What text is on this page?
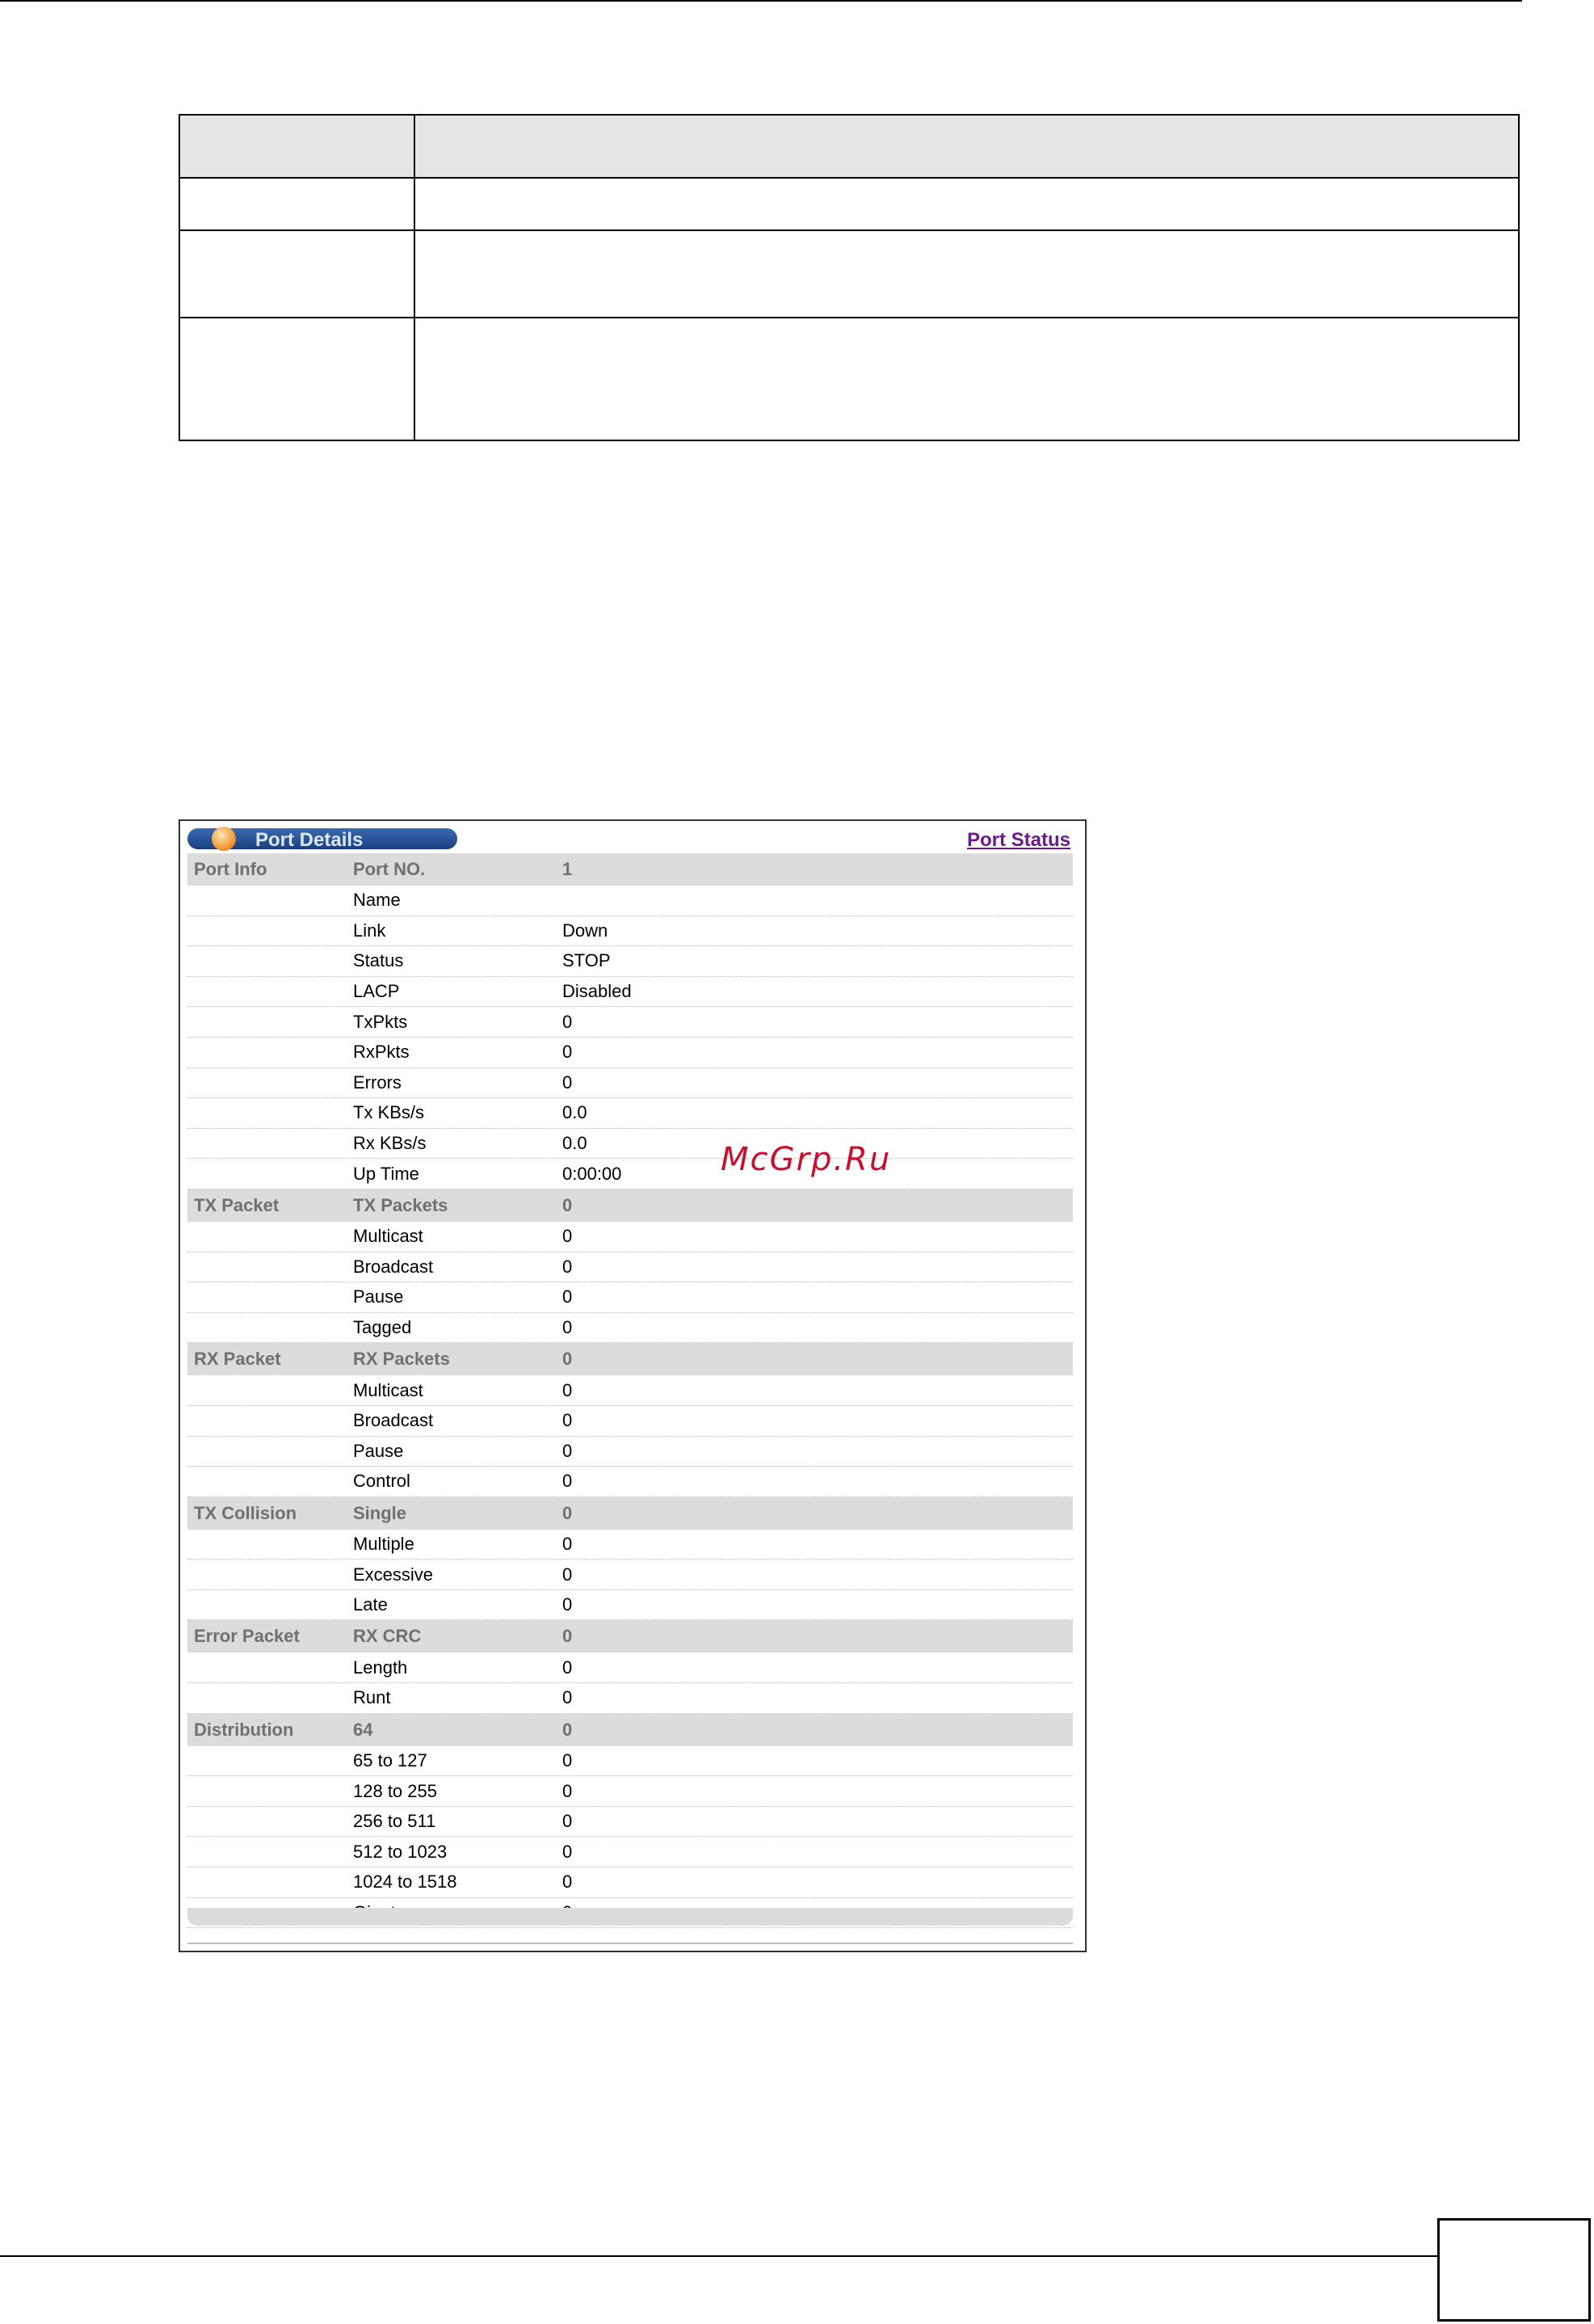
Port Details	Port Status
Port Info	Port NO.	1
Name
Link	Down
Status	STOP
LACP	Disabled
TxPkts	0
RxPkts	0
Errors	0
Tx KBs/s	0.0
Rx KBs/s	0.0
Up Time	0:00:00
TX Packet	TX Packets	0
Multicast	0
Broadcast	0
Pause	0
Tagged	0
RX Packet	RX Packets	0
Multicast	0
Broadcast	0
Pause	0
Control	0
TX Collision	Single	0
Multiple	0
Excessive	0
Late	0
Error Packet	RX CRC	0
Length	0
Runt	0
Distribution	64	0
65 to 127	0
128 to 255	0
256 to 511	0
512 to 1023	0
1024 to 1518	0
McGrp.Ru
